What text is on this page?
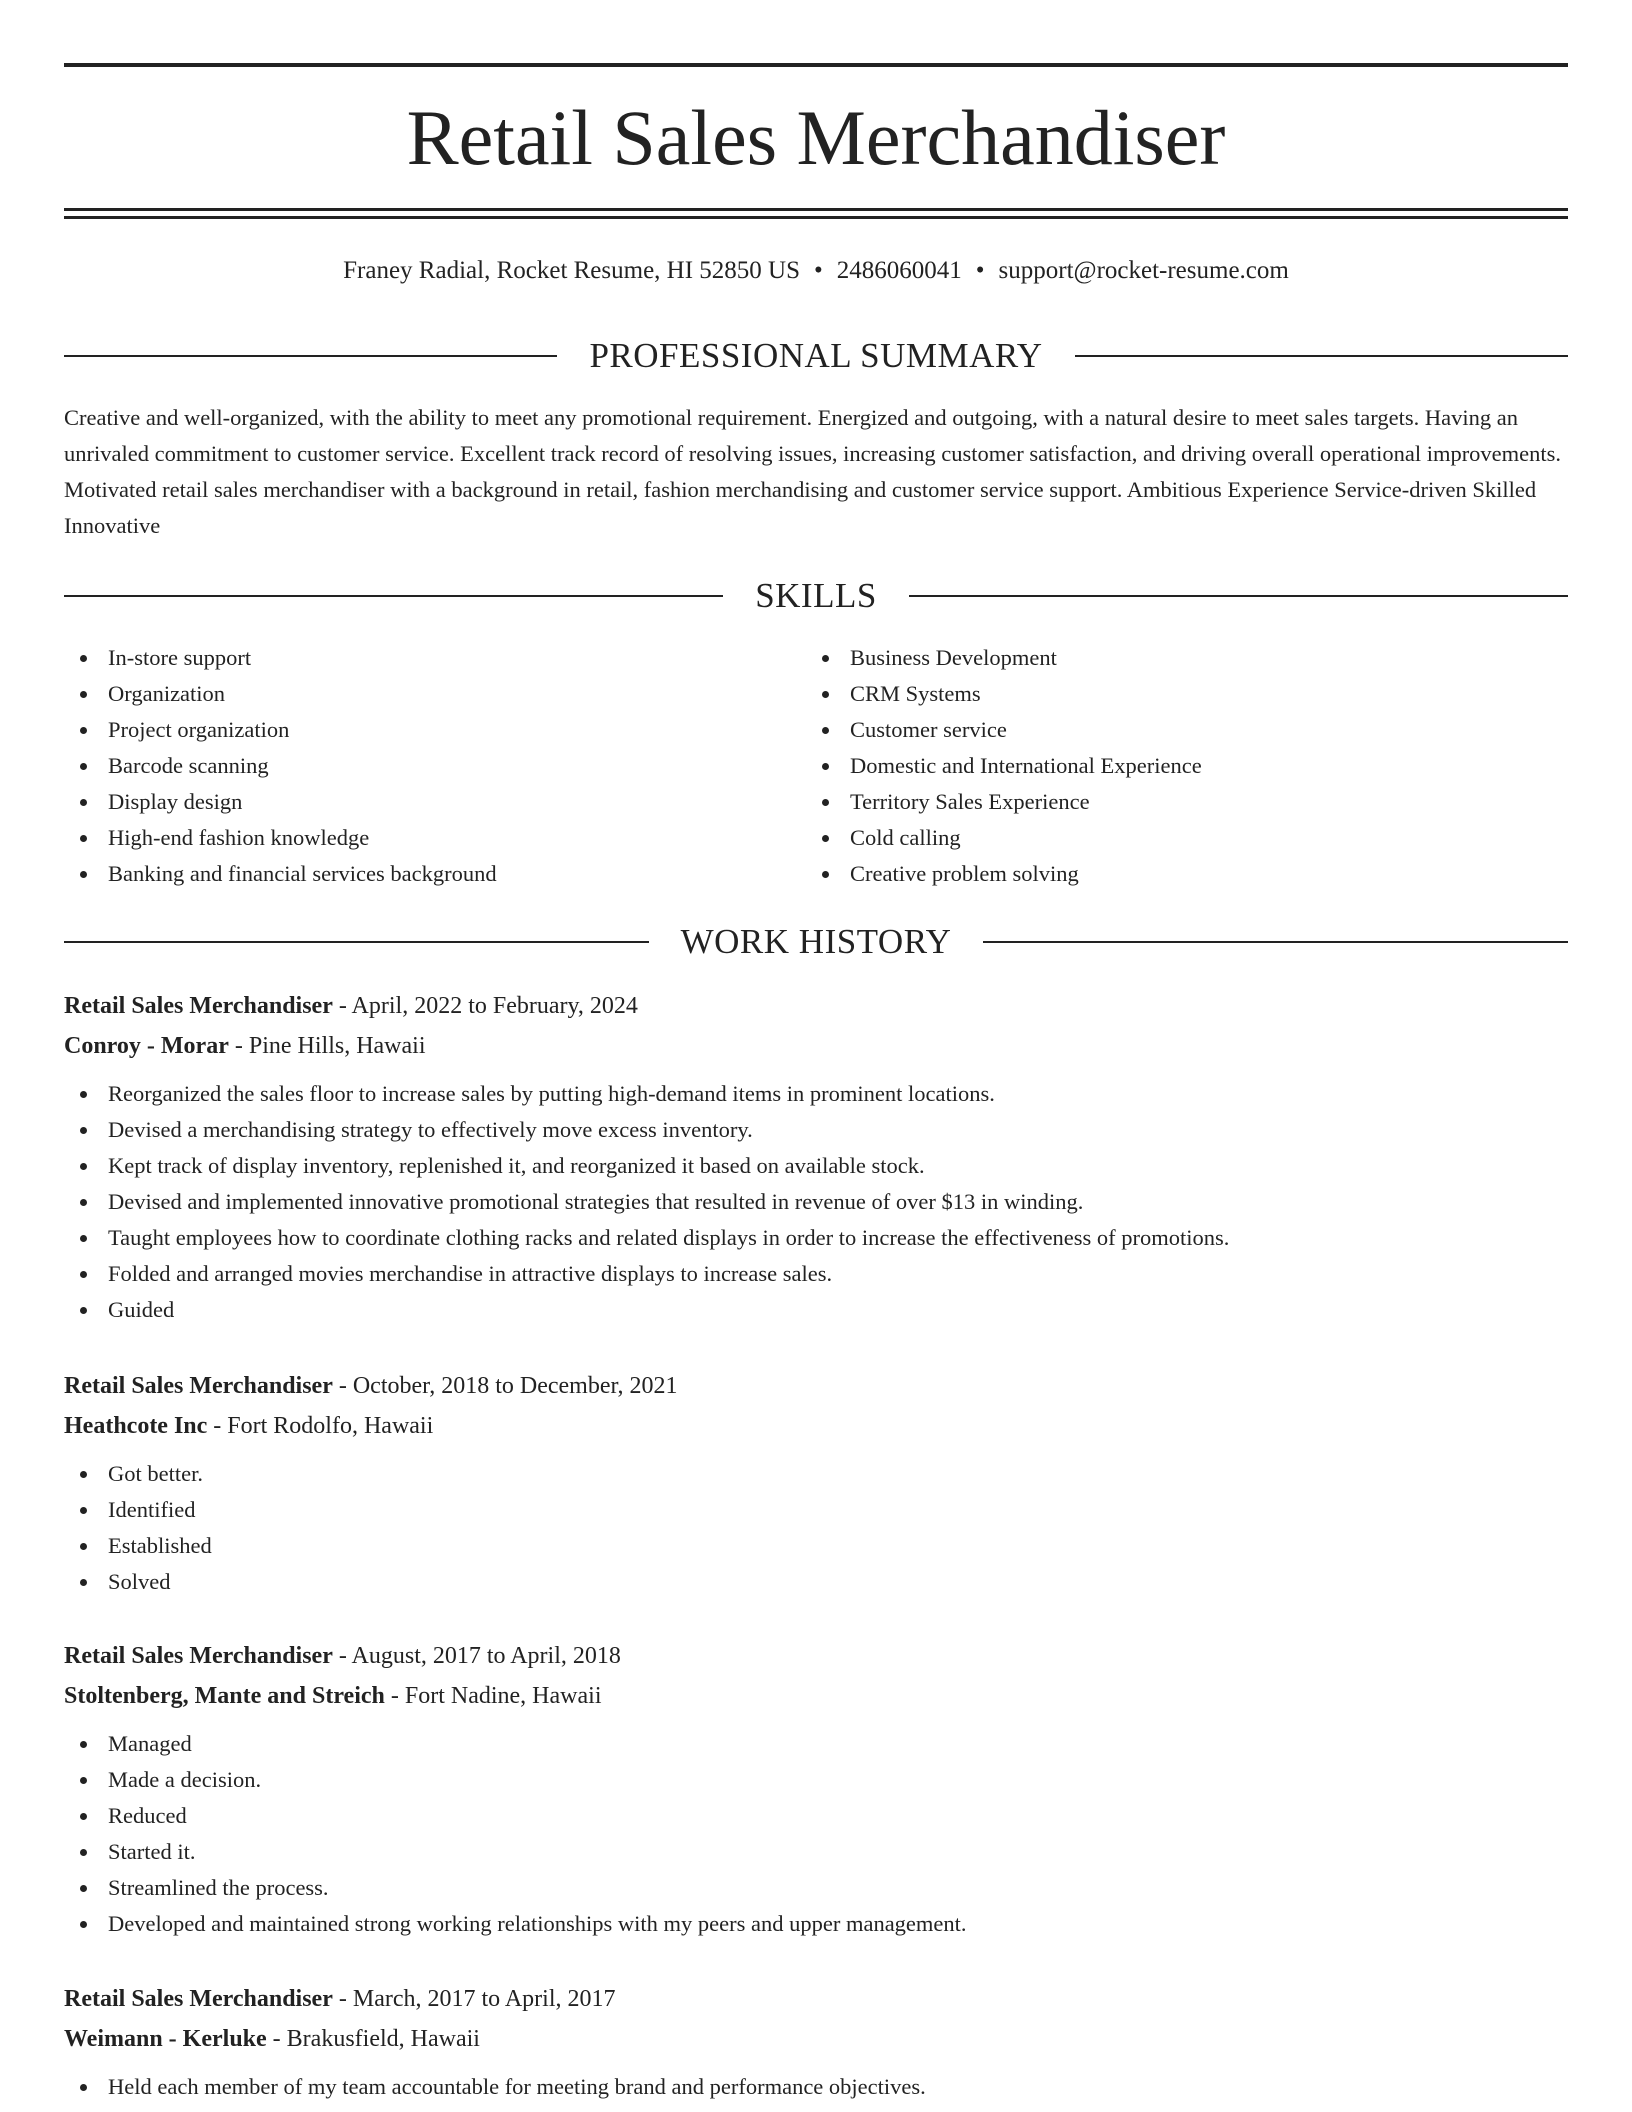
Retail Sales Merchandiser
Franey Radial, Rocket Resume, HI 52850 US • 2486060041 • support@rocket-resume.com
PROFESSIONAL SUMMARY

Creative and well-organized, with the ability to meet any promotional requirement. Energized and outgoing, with a natural desire to meet sales targets. Having an unrivaled commitment to customer service. Excellent track record of resolving issues, increasing customer satisfaction, and driving overall operational improvements. Motivated retail sales merchandiser with a background in retail, fashion merchandising and customer service support. Ambitious Experience Service-driven Skilled Innovative

SKILLS
In-store support
Organization
Project organization
Barcode scanning
Display design
High-end fashion knowledge
Banking and financial services background
Business Development
CRM Systems
Customer service
Domestic and International Experience
Territory Sales Experience
Cold calling
Creative problem solving
WORK HISTORY
Retail Sales Merchandiser - April, 2022 to February, 2024
Conroy - Morar - Pine Hills, Hawaii
Reorganized the sales floor to increase sales by putting high-demand items in prominent locations.
Devised a merchandising strategy to effectively move excess inventory.
Kept track of display inventory, replenished it, and reorganized it based on available stock.
Devised and implemented innovative promotional strategies that resulted in revenue of over $13 in winding.
Taught employees how to coordinate clothing racks and related displays in order to increase the effectiveness of promotions.
Folded and arranged movies merchandise in attractive displays to increase sales.
Guided
Retail Sales Merchandiser - October, 2018 to December, 2021
Heathcote Inc - Fort Rodolfo, Hawaii
Got better.
Identified
Established
Solved
Retail Sales Merchandiser - August, 2017 to April, 2018
Stoltenberg, Mante and Streich - Fort Nadine, Hawaii
Managed
Made a decision.
Reduced
Started it.
Streamlined the process.
Developed and maintained strong working relationships with my peers and upper management.
Retail Sales Merchandiser - March, 2017 to April, 2017
Weimann - Kerluke - Brakusfield, Hawaii
Held each member of my team accountable for meeting brand and performance objectives.
